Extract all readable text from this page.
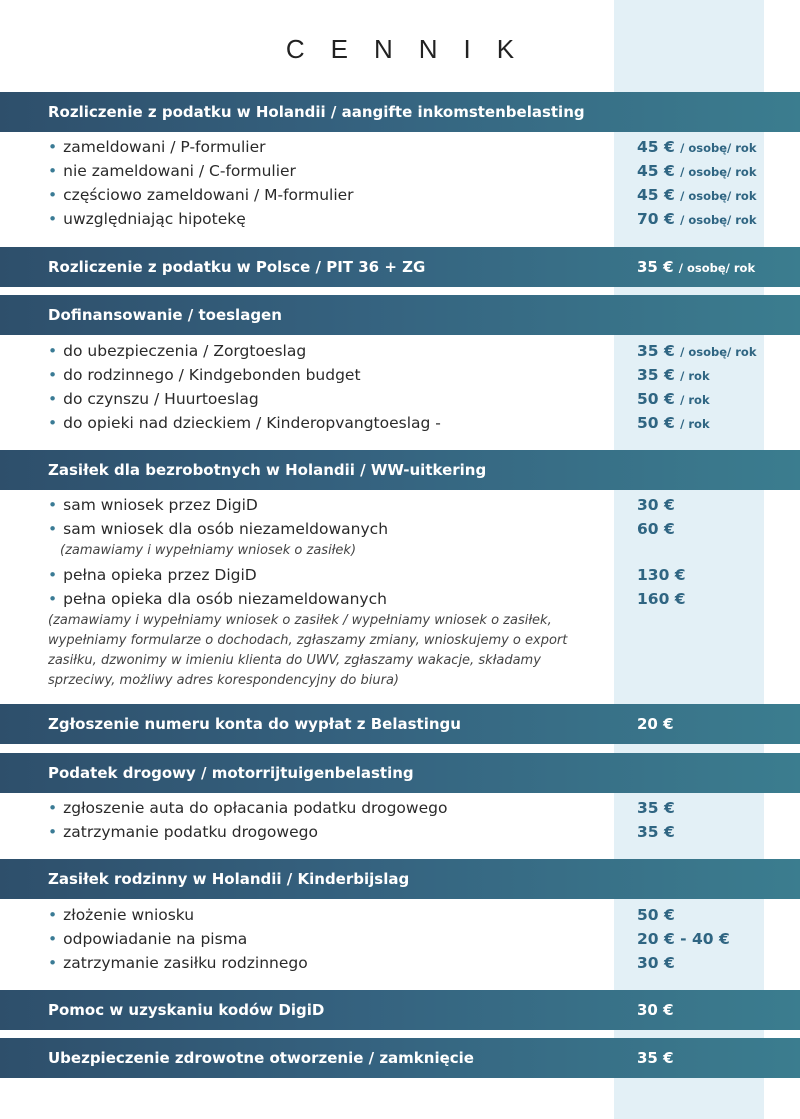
CENNIK
Rozliczenie z podatku w Holandii / aangifte inkomstenbelasting
• zameldowani / P-formulier	45 € / osobę/ rok
• nie zameldowani / C-formulier	45 € / osobę/ rok
• częściowo zameldowani / M-formulier	45 € / osobę/ rok
• uwzględniając hipotekę	70 € / osobę/ rok
Rozliczenie z podatku w Polsce / PIT 36 + ZG	35 € / osobę/ rok
Dofinansowanie / toeslagen
• do ubezpieczenia / Zorgtoeslag	35 € / osobę/ rok
• do rodzinnego / Kindgebonden budget	35 € / rok
• do czynszu / Huurtoeslag	50 € / rok
• do opieki nad dzieckiem / Kinderopvangtoeslag -	50 € / rok
Zasiłek dla bezrobotnych w Holandii / WW-uitkering
• sam wniosek przez DigiD	30 €
• sam wniosek dla osób niezameldowanych	60 €
(zamawiamy i wypełniamy wniosek o zasiłek)
• pełna opieka przez DigiD	130 €
• pełna opieka dla osób niezameldowanych	160 €
(zamawiamy i wypełniamy wniosek o zasiłek / wypełniamy wniosek o zasiłek, wypełniamy formularze o dochodach, zgłaszamy zmiany, wnioskujemy o export zasiłku, dzwonimy w imieniu klienta do UWV, zgłaszamy wakacje, składamy sprzeciwy, możliwy adres korespondencyjny do biura)
Zgłoszenie numeru konta do wypłat z Belastingu	20 €
Podatek drogowy / motorrijtuigenbelasting
• zgłoszenie auta do opłacania podatku drogowego	35 €
• zatrzymanie podatku drogowego	35 €
Zasiłek rodzinny w Holandii / Kinderbijslag
• złożenie wniosku	50 €
• odpowiadanie na pisma	20 € - 40 €
• zatrzymanie zasiłku rodzinnego	30 €
Pomoc w uzyskaniu kodów DigiD	30 €
Ubezpieczenie zdrowotne otworzenie / zamknięcie	35 €
